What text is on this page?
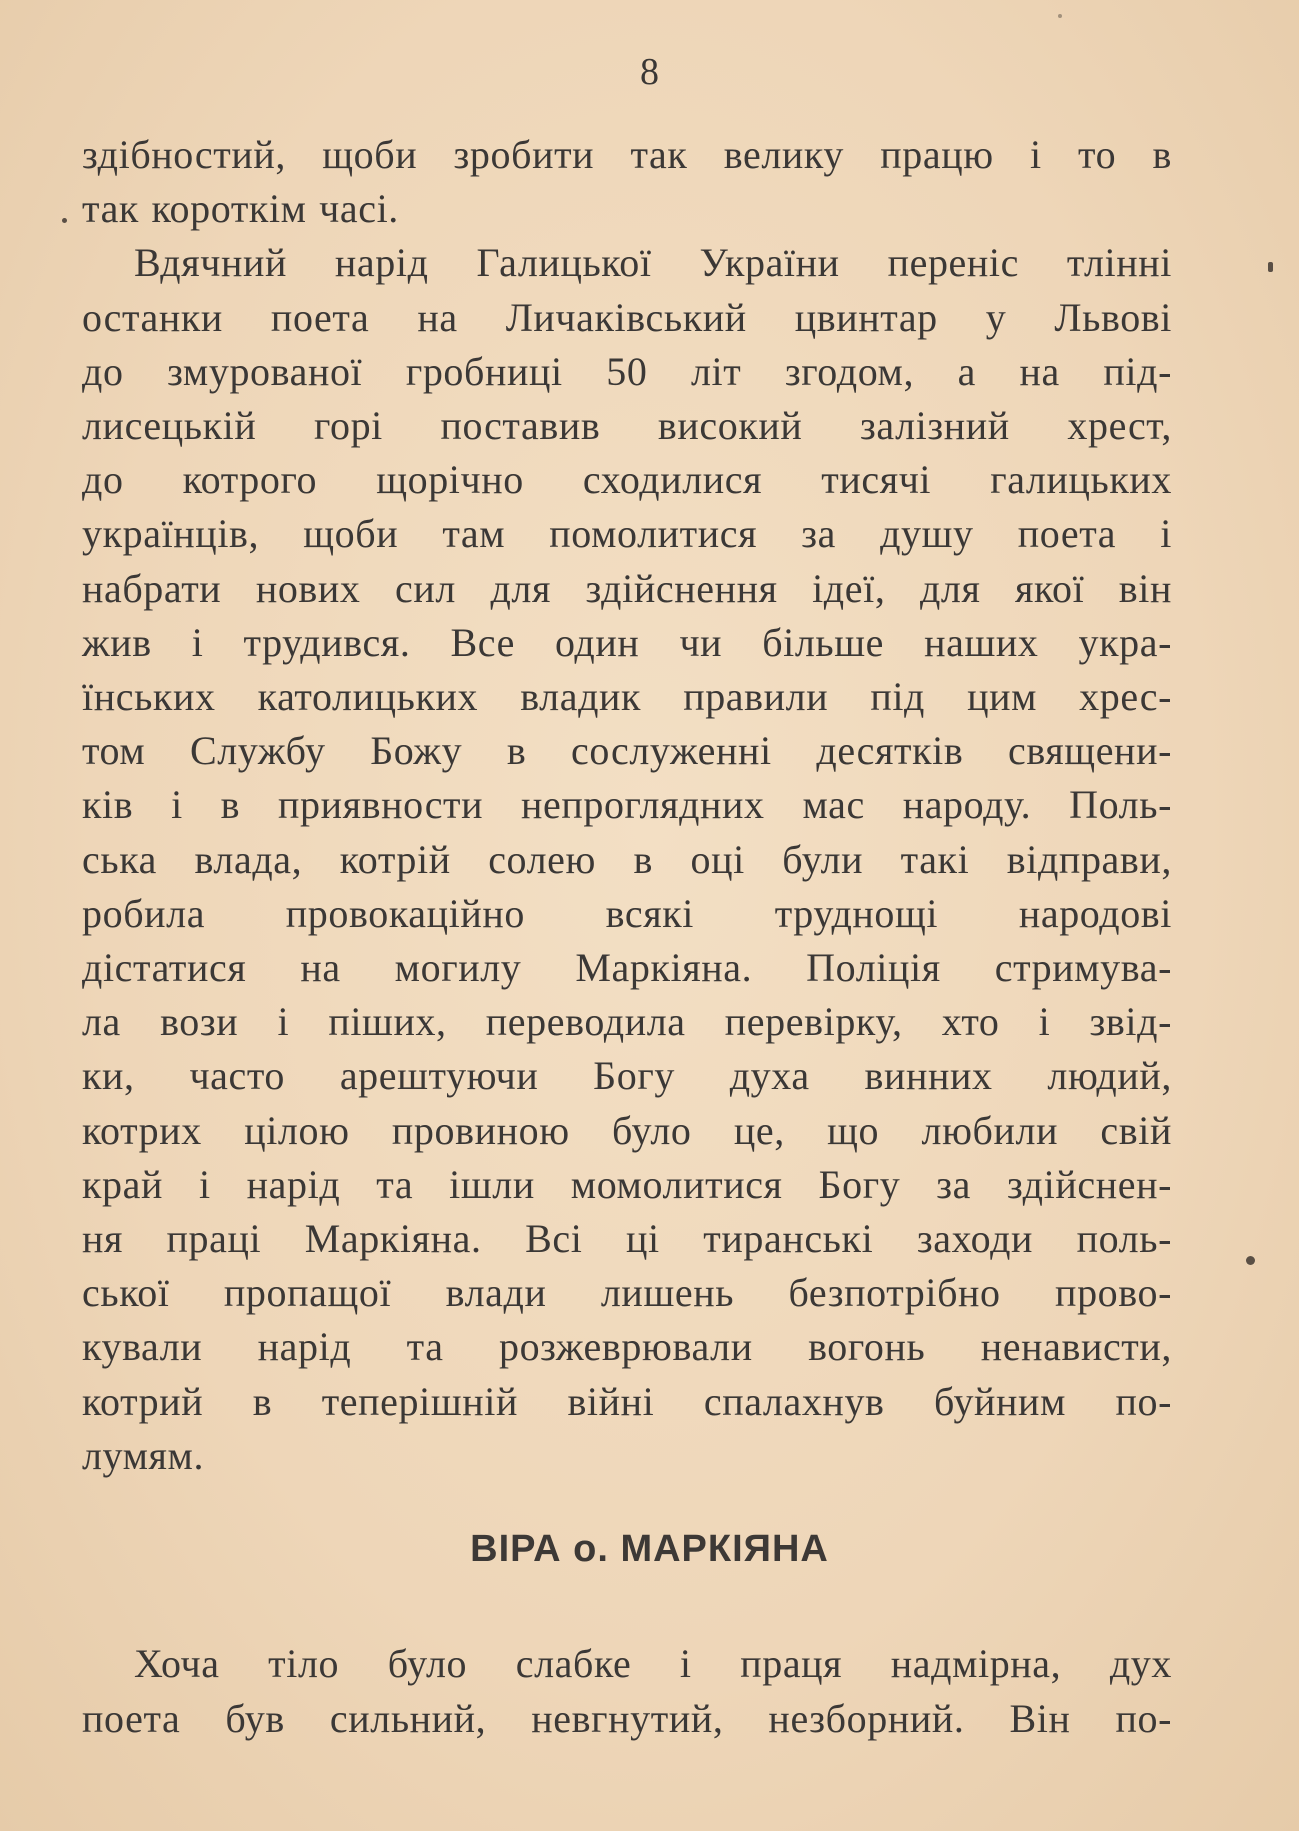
8
здібностий, щоби зробити так велику працю і то в
так короткім часі.
Вдячний нарід Галицької України переніс тлінні
останки поета на Личаківський цвинтар у Львові
до змурованої гробниці 50 літ згодом, а на під-
лисецькій горі поставив високий залізний хрест,
до котрого щорічно сходилися тисячі галицьких
українців, щоби там помолитися за душу поета і
набрати нових сил для здійснення ідеї, для якої він
жив і трудився. Все один чи більше наших укра-
їнських католицьких владик правили під цим хрес-
том Службу Божу в сослуженні десятків священи-
ків і в приявности непроглядних мас народу. Поль-
ська влада, котрій солею в оці були такі відправи,
робила провокаційно всякі труднощі народові
дістатися на могилу Маркіяна. Поліція стримува-
ла вози і піших, переводила перевірку, хто і звід-
ки, часто арештуючи Богу духа винних людий,
котрих цілою провиною було це, що любили свій
край і нарід та ішли момолитися Богу за здійснен-
ня праці Маркіяна. Всі ці тиранські заходи поль-
ської пропащої влади лишень безпотрібно прово-
кували нарід та розжеврювали вогонь ненависти,
котрий в теперішній війні спалахнув буйним по-
лумям.
ВІРА о. МАРКІЯНА
Хоча тіло було слабке і праця надмірна, дух
поета був сильний, невгнутий, незборний. Він по-
